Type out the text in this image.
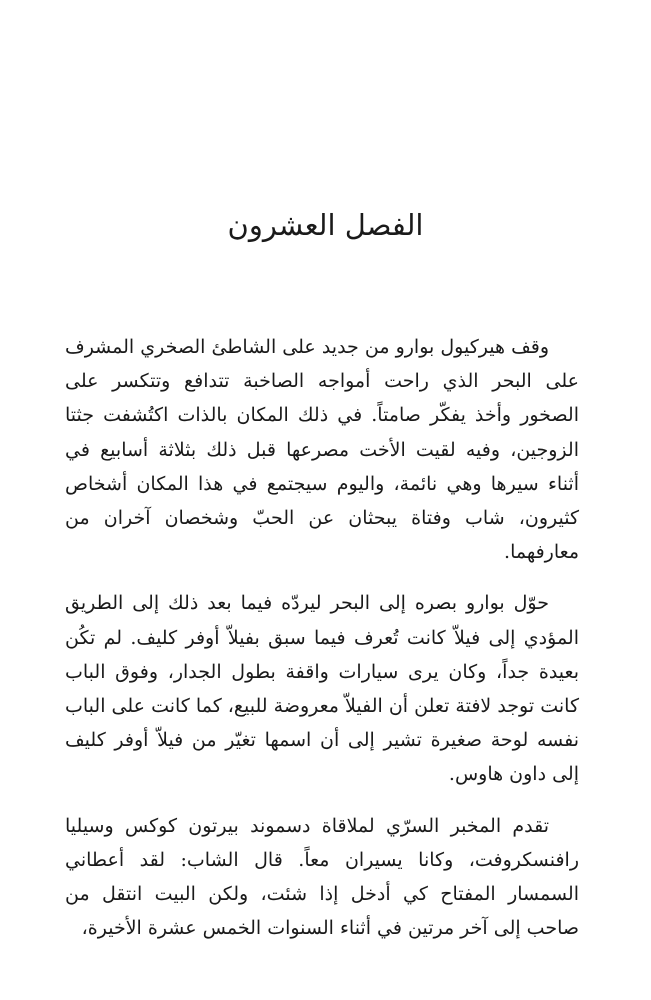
الفصل العشرون

وقف هيركيول بوارو من جديد على الشاطئ الصخري المشرف على البحر الذي راحت أمواجه الصاخبة تتدافع وتتكسر على الصخور وأخذ يفكّر صامتاً. في ذلك المكان بالذات اكتُشفت جثتا الزوجين، وفيه لقيت الأخت مصرعها قبل ذلك بثلاثة أسابيع في أثناء سيرها وهي نائمة، واليوم سيجتمع في هذا المكان أشخاص كثيرون، شاب وفتاة يبحثان عن الحبّ وشخصان آخران من معارفهما.

حوّل بوارو بصره إلى البحر ليردّه فيما بعد ذلك إلى الطريق المؤدي إلى فيلاّ كانت تُعرف فيما سبق بفيلاّ أوفر كليف. لم تكُن بعيدة جداً، وكان يرى سيارات واقفة بطول الجدار، وفوق الباب كانت توجد لافتة تعلن أن الفيلاّ معروضة للبيع، كما كانت على الباب نفسه لوحة صغيرة تشير إلى أن اسمها تغيّر من فيلاّ أوفر كليف إلى داون هاوس.

تقدم المخبر السرّي لملاقاة دسموند بيرتون كوكس وسيليا رافنسكروفت، وكانا يسيران معاً. قال الشاب: لقد أعطاني السمسار المفتاح كي أدخل إذا شئت، ولكن البيت انتقل من صاحب إلى آخر مرتين في أثناء السنوات الخمس عشرة الأخيرة،
